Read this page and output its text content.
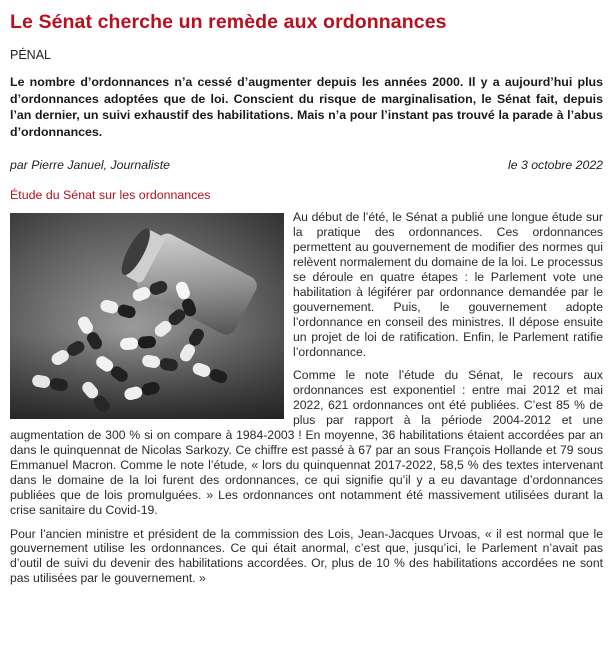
Le Sénat cherche un remède aux ordonnances
PÉNAL
Le nombre d’ordonnances n’a cessé d’augmenter depuis les années 2000. Il y a aujourd’hui plus d’ordonnances adoptées que de loi. Conscient du risque de marginalisation, le Sénat fait, depuis l’an dernier, un suivi exhaustif des habilitations. Mais n’a pour l’instant pas trouvé la parade à l’abus d’ordonnances.
par Pierre Januel, Journaliste	le 3 octobre 2022
Étude du Sénat sur les ordonnances

Au début de l’été, le Sénat a publié une longue étude sur la pratique des ordonnances. Ces ordonnances permettent au gouvernement de modifier des normes qui relèvent normalement du domaine de la loi. Le processus se déroule en quatre étapes : le Parlement vote une habilitation à légiférer par ordonnance demandée par le gouvernement. Puis, le gouvernement adopte l’ordonnance en conseil des ministres. Il dépose ensuite un projet de loi de ratification. Enfin, le Parlement ratifie l’ordonnance.

Comme le note l’étude du Sénat, le recours aux ordonnances est exponentiel : entre mai 2012 et mai 2022, 621 ordonnances ont été publiées. C’est 85 % de plus par rapport à la période 2004-2012 et une augmentation de 300 % si on compare à 1984-2003 ! En moyenne, 36 habilitations étaient accordées par an dans le quinquennat de Nicolas Sarkozy. Ce chiffre est passé à 67 par an sous François Hollande et 79 sous Emmanuel Macron. Comme le note l’étude, « lors du quinquennat 2017-2022, 58,5 % des textes intervenant dans le domaine de la loi furent des ordonnances, ce qui signifie qu’il y a eu davantage d’ordonnances publiées que de lois promulguées. » Les ordonnances ont notamment été massivement utilisées durant la crise sanitaire du Covid-19.

Pour l’ancien ministre et président de la commission des Lois, Jean-Jacques Urvoas, « il est normal que le gouvernement utilise les ordonnances. Ce qui était anormal, c’est que, jusqu’ici, le Parlement n’avait pas d’outil de suivi du devenir des habilitations accordées. Or, plus de 10 % des habilitations accordées ne sont pas utilisées par le gouvernement. »
